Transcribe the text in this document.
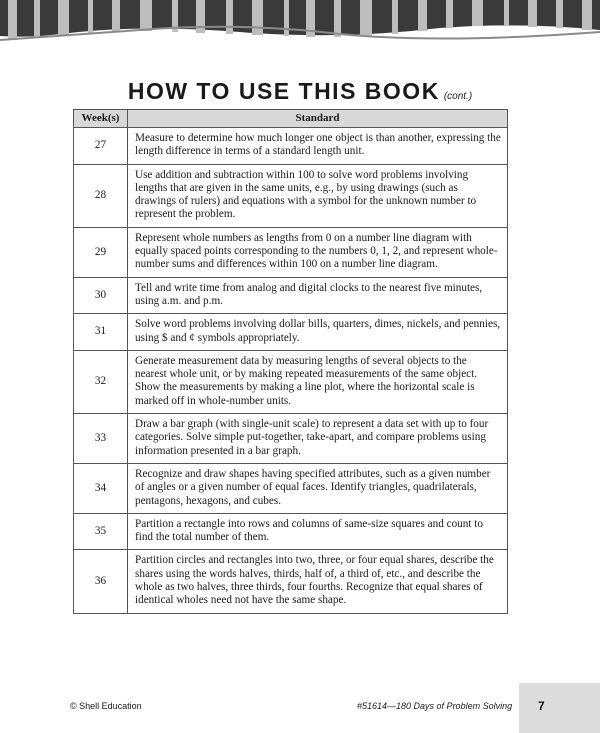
HOW TO USE THIS BOOK (cont.)
Week(s)	Standard
27	Measure to determine how much longer one object is than another, expressing the length difference in terms of a standard length unit.
28	Use addition and subtraction within 100 to solve word problems involving lengths that are given in the same units, e.g., by using drawings (such as drawings of rulers) and equations with a symbol for the unknown number to represent the problem.
29	Represent whole numbers as lengths from 0 on a number line diagram with equally spaced points corresponding to the numbers 0, 1, 2, and represent whole-number sums and differences within 100 on a number line diagram.
30	Tell and write time from analog and digital clocks to the nearest five minutes, using a.m. and p.m.
31	Solve word problems involving dollar bills, quarters, dimes, nickels, and pennies, using $ and ¢ symbols appropriately.
32	Generate measurement data by measuring lengths of several objects to the nearest whole unit, or by making repeated measurements of the same object. Show the measurements by making a line plot, where the horizontal scale is marked off in whole-number units.
33	Draw a bar graph (with single-unit scale) to represent a data set with up to four categories. Solve simple put-together, take-apart, and compare problems using information presented in a bar graph.
34	Recognize and draw shapes having specified attributes, such as a given number of angles or a given number of equal faces. Identify triangles, quadrilaterals, pentagons, hexagons, and cubes.
35	Partition a rectangle into rows and columns of same-size squares and count to find the total number of them.
36	Partition circles and rectangles into two, three, or four equal shares, describe the shares using the words halves, thirds, half of, a third of, etc., and describe the whole as two halves, three thirds, four fourths. Recognize that equal shares of identical wholes need not have the same shape.
© Shell Education	#51614—180 Days of Problem Solving 7
